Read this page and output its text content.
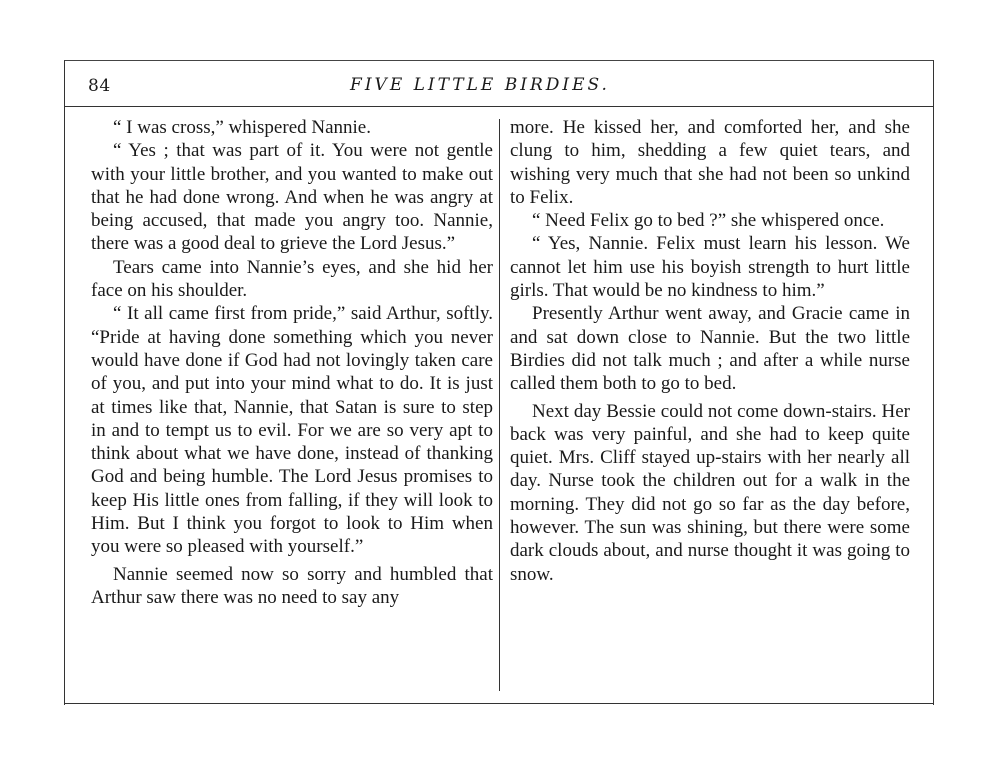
84	FIVE LITTLE BIRDIES.

“ I was cross,” whispered Nannie.

“ Yes ; that was part of it. You were not gentle with your little brother, and you wanted to make out that he had done wrong. And when he was angry at being accused, that made you angry too. Nannie, there was a good deal to grieve the Lord Jesus.”

Tears came into Nannie’s eyes, and she hid her face on his shoulder.

“ It all came first from pride,” said Arthur, softly. “Pride at having done something which you never would have done if God had not lovingly taken care of you, and put into your mind what to do. It is just at times like that, Nannie, that Satan is sure to step in and to tempt us to evil. For we are so very apt to think about what we have done, instead of thanking God and being humble. The Lord Jesus promises to keep His little ones from falling, if they will look to Him. But I think you forgot to look to Him when you were so pleased with yourself.”

Nannie seemed now so sorry and humbled that Arthur saw there was no need to say any

more. He kissed her, and comforted her, and she clung to him, shedding a few quiet tears, and wishing very much that she had not been so unkind to Felix.

“ Need Felix go to bed ?” she whispered once.

“ Yes, Nannie. Felix must learn his lesson. We cannot let him use his boyish strength to hurt little girls. That would be no kindness to him.”

Presently Arthur went away, and Gracie came in and sat down close to Nannie. But the two little Birdies did not talk much ; and after a while nurse called them both to go to bed.

Next day Bessie could not come down-stairs. Her back was very painful, and she had to keep quite quiet. Mrs. Cliff stayed up-stairs with her nearly all day. Nurse took the children out for a walk in the morning. They did not go so far as the day before, however. The sun was shining, but there were some dark clouds about, and nurse thought it was going to snow.
